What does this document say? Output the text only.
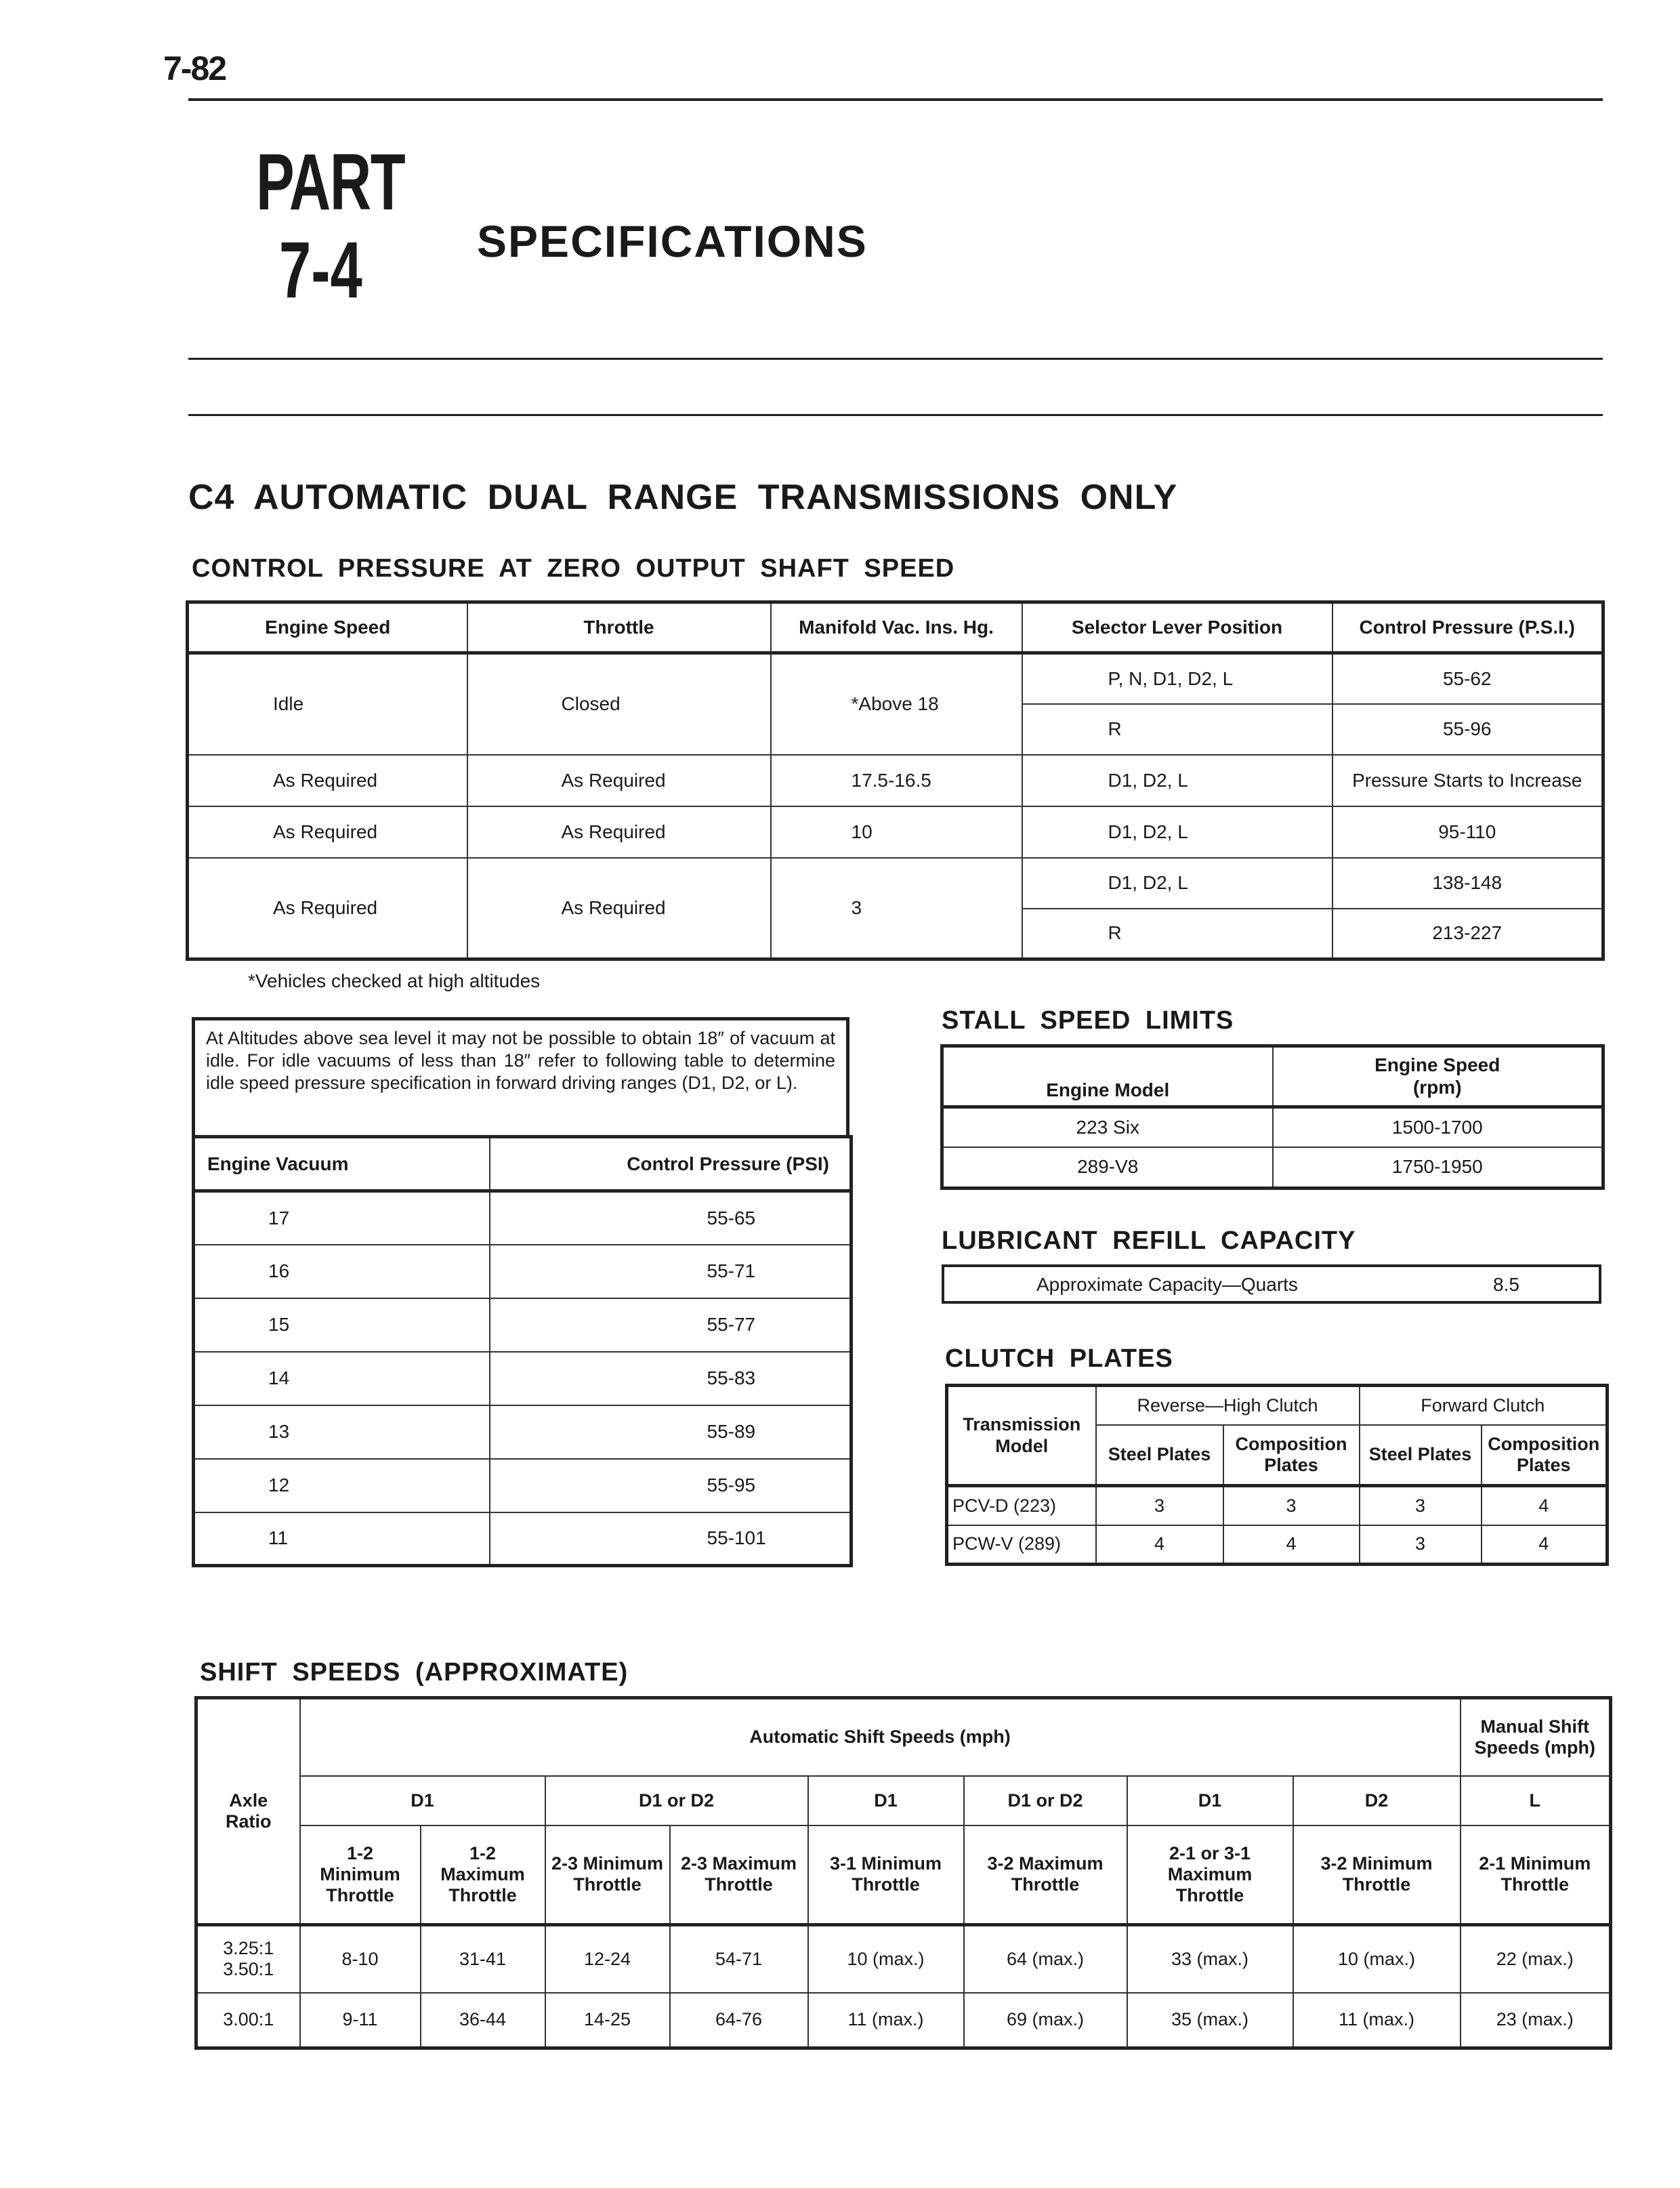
7-82
PART
7-4	SPECIFICATIONS
C4 AUTOMATIC DUAL RANGE TRANSMISSIONS ONLY
CONTROL PRESSURE AT ZERO OUTPUT SHAFT SPEED
Engine Speed	Throttle	Manifold Vac. Ins. Hg.	Selector Lever Position	Control Pressure (P.S.I.)
Idle	Closed	*Above 18	P, N, D1, D2, L	55-62
			R	55-96
As Required	As Required	17.5-16.5	D1, D2, L	Pressure Starts to Increase
As Required	As Required	10	D1, D2, L	95-110
As Required	As Required	3	D1, D2, L	138-148
			R	213-227
*Vehicles checked at high altitudes
At Altitudes above sea level it may not be possible to obtain 18″ of vacuum at idle. For idle vacuums of less than 18″ refer to following table to determine idle speed pressure specification in forward driving ranges (D1, D2, or L).
Engine Vacuum	Control Pressure (PSI)
17	55-65
16	55-71
15	55-77
14	55-83
13	55-89
12	55-95
11	55-101
STALL SPEED LIMITS
Engine Model	Engine Speed (rpm)
223 Six	1500-1700
289-V8	1750-1950
LUBRICANT REFILL CAPACITY
Approximate Capacity—Quarts	8.5
CLUTCH PLATES
Transmission Model	Reverse—High Clutch		Forward Clutch	
	Steel Plates	Composition Plates	Steel Plates	Composition Plates
PCV-D (223)	3	3	3	4
PCW-V (289)	4	4	3	4
SHIFT SPEEDS (APPROXIMATE)
Axle Ratio	Automatic Shift Speeds (mph)								Manual Shift Speeds (mph)
	D1		D1 or D2		D1	D1 or D2	D1	D2	L
	1-2 Minimum Throttle	1-2 Maximum Throttle	2-3 Minimum Throttle	2-3 Maximum Throttle	3-1 Minimum Throttle	3-2 Maximum Throttle	2-1 or 3-1 Maximum Throttle	3-2 Minimum Throttle	2-1 Minimum Throttle
3.25:1 3.50:1	8-10	31-41	12-24	54-71	10 (max.)	64 (max.)	33 (max.)	10 (max.)	22 (max.)
3.00:1	9-11	36-44	14-25	64-76	11 (max.)	69 (max.)	35 (max.)	11 (max.)	23 (max.)
